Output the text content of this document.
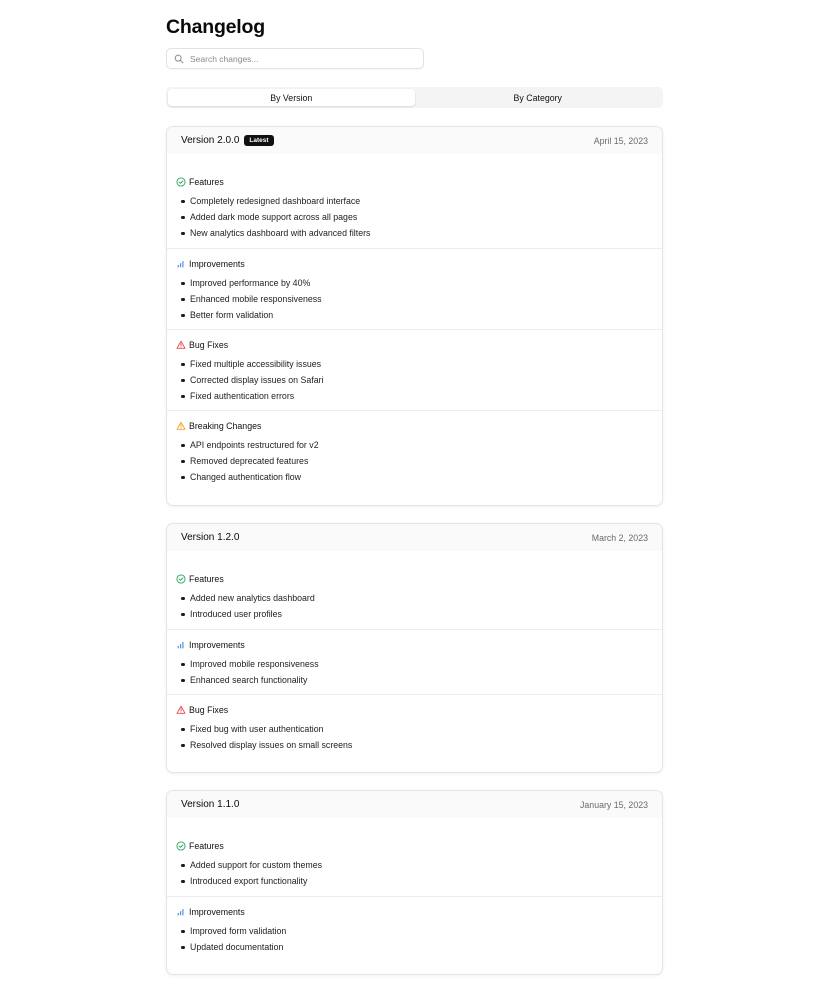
Changelog
Search changes...
By Version	By Category
Version 2.0.0	Latest	April 15, 2023
Features
Completely redesigned dashboard interface
Added dark mode support across all pages
New analytics dashboard with advanced filters
Improvements
Improved performance by 40%
Enhanced mobile responsiveness
Better form validation
Bug Fixes
Fixed multiple accessibility issues
Corrected display issues on Safari
Fixed authentication errors
Breaking Changes
API endpoints restructured for v2
Removed deprecated features
Changed authentication flow
Version 1.2.0	March 2, 2023
Features
Added new analytics dashboard
Introduced user profiles
Improvements
Improved mobile responsiveness
Enhanced search functionality
Bug Fixes
Fixed bug with user authentication
Resolved display issues on small screens
Version 1.1.0	January 15, 2023
Features
Added support for custom themes
Introduced export functionality
Improvements
Improved form validation
Updated documentation
